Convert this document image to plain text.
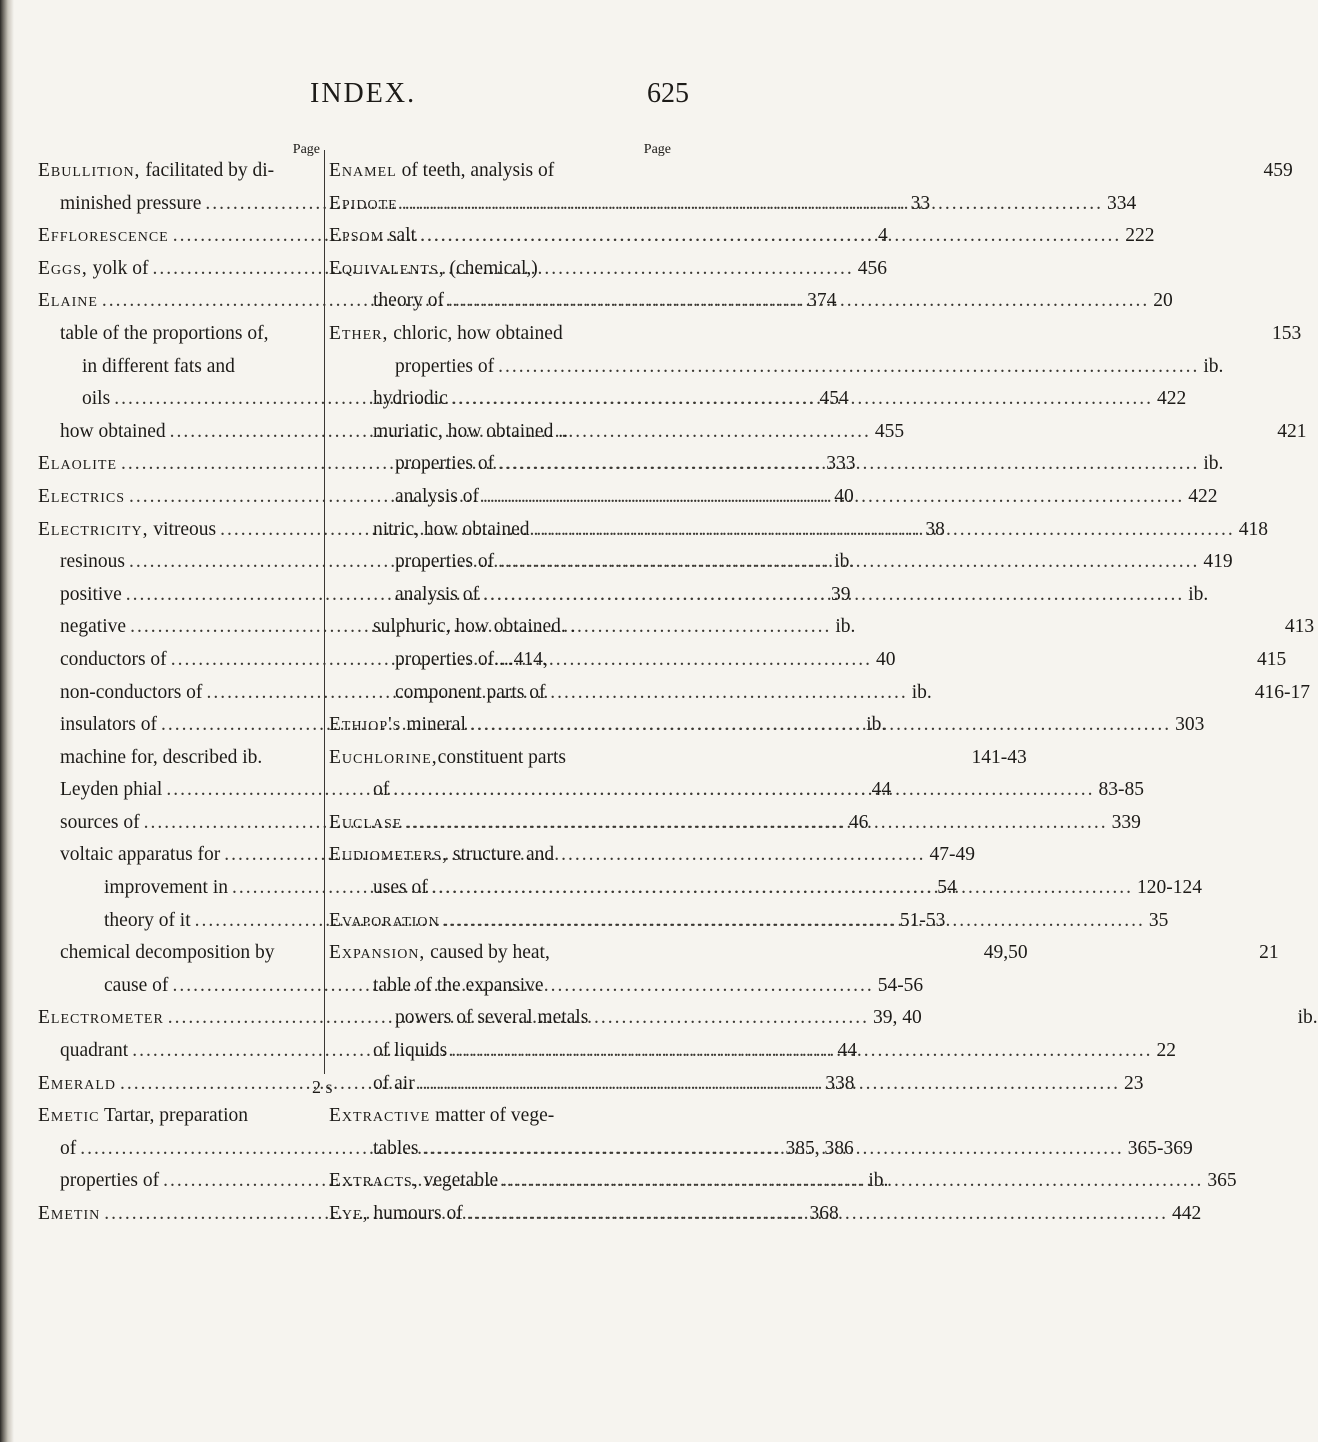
INDEX.	625
Page
Ebullition, facilitated by di-
minished pressure .....	33
Efflorescence .....	4
Eggs, yolk of .....	456
Elaine .....	374
table of the proportions of,
in different fats and
oils .....	454
how obtained .....	455
Elaolite .....	333
Electrics .....	40
Electricity, vitreous .....	38
resinous .....	ib.
positive .....	39
negative .....	ib.
conductors of .....	40
non-conductors of .....	ib.
insulators of .....	ib.
machine for, described ib.	141-43
Leyden phial .....	44
sources of .....	46
voltaic apparatus for .....	47-49
improvement in .....	54
theory of it .....	51-53
chemical decomposition by	49,50
cause of .....	54-56
Electrometer .....	39, 40
quadrant .....	44
Emerald .....	338
Emetic Tartar, preparation
of .....	385, 386
properties of .....	ib.
Emetin .....	368
Page
Enamel of teeth, analysis of	459
Epidote .....	334
Epsom salt .....	222
Equivalents, (chemical,)
theory of .....	20
Ether, chloric, how obtained	153
properties of .....	ib.
hydriodic .....	422
muriatic, how obtained ..	421
properties of .....	ib.
analysis of .....	422
nitric, how obtained .....	418
properties of .....	419
analysis of .....	ib.
sulphuric, how obtained. .	413
properties of....414,	415
component parts of	416-17
Ethiop's mineral .....	303
Euchlorine,constituent parts
of .....	83-85
Euclase .....	339
Eudiometers, structure and
uses of .....	120-124
Evaporation .....	35
Expansion, caused by heat,	21
table of the expansive
powers of several metals	ib.
of liquids .....	22
of air .....	23
Extractive matter of vege-
tables .....	365-369
Extracts, vegetable .....	365
Eye, humours of .....	442
2 s
